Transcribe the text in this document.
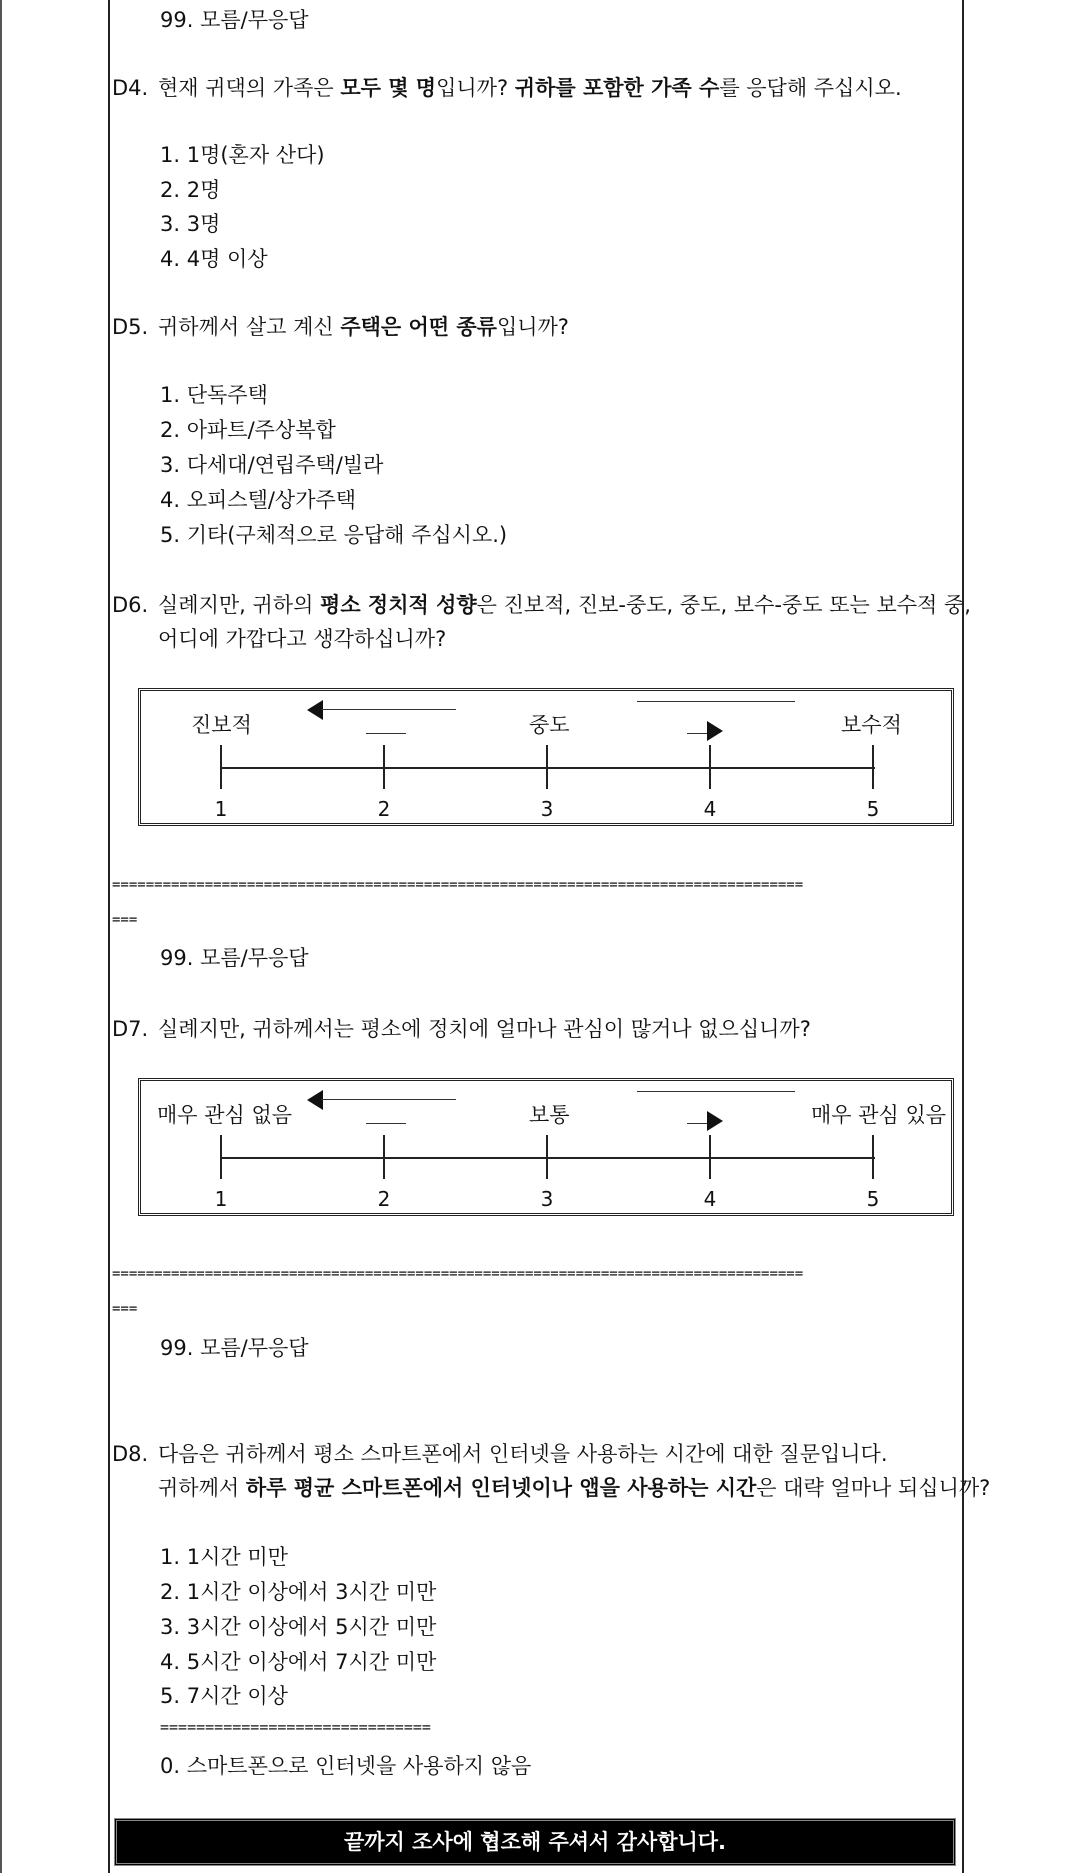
99. 모름/무응답
D4. 현재 귀댁의 가족은 모두 몇 명입니까? 귀하를 포함한 가족 수를 응답해 주십시오.
1. 1명(혼자 산다)
2. 2명
3. 3명
4. 4명 이상
D5. 귀하께서 살고 계신 주택은 어떤 종류입니까?
1. 단독주택
2. 아파트/주상복합
3. 다세대/연립주택/빌라
4. 오피스텔/상가주택
5. 기타(구체적으로 응답해 주십시오.)
D6. 실례지만, 귀하의 평소 정치적 성향은 진보적, 진보-중도, 중도, 보수-중도 또는 보수적 중,
어디에 가깝다고 생각하십니까?
진보적	중도	보수적
1	2	3	4	5
==================================================================================
===
99. 모름/무응답
D7. 실례지만, 귀하께서는 평소에 정치에 얼마나 관심이 많거나 없으십니까?
매우 관심 없음	보통	매우 관심 있음
1	2	3	4	5
==================================================================================
===
99. 모름/무응답
D8. 다음은 귀하께서 평소 스마트폰에서 인터넷을 사용하는 시간에 대한 질문입니다.
귀하께서 하루 평균 스마트폰에서 인터넷이나 앱을 사용하는 시간은 대략 얼마나 되십니까?
1. 1시간 미만
2. 1시간 이상에서 3시간 미만
3. 3시간 이상에서 5시간 미만
4. 5시간 이상에서 7시간 미만
5. 7시간 이상
==============================
0. 스마트폰으로 인터넷을 사용하지 않음
끝까지 조사에 협조해 주셔서 감사합니다.
